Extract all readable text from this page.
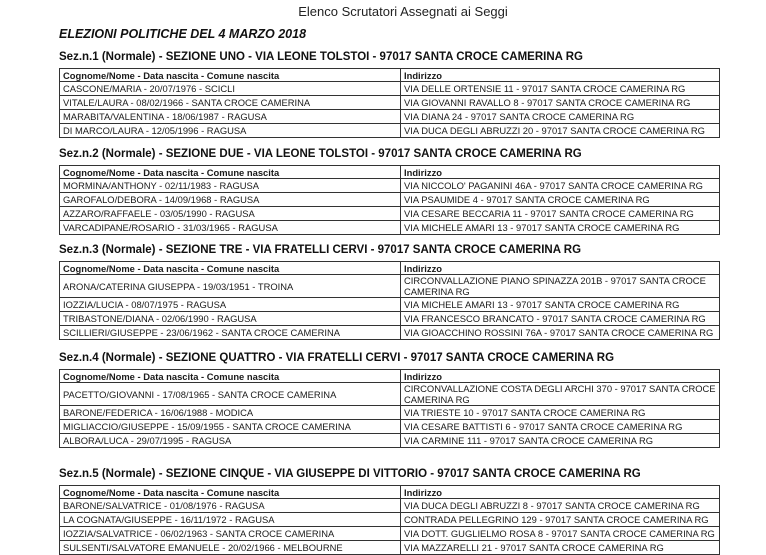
Elenco Scrutatori Assegnati ai Seggi
ELEZIONI POLITICHE DEL 4 MARZO 2018
Sez.n.1 (Normale) - SEZIONE UNO - VIA LEONE TOLSTOI - 97017 SANTA CROCE CAMERINA RG
Cognome/Nome - Data nascita - Comune nascita	Indirizzo
CASCONE/MARIA - 20/07/1976 - SCICLI	VIA DELLE ORTENSIE 11 - 97017 SANTA CROCE CAMERINA RG
VITALE/LAURA - 08/02/1966 - SANTA CROCE CAMERINA	VIA GIOVANNI RAVALLO 8 - 97017 SANTA CROCE CAMERINA RG
MARABITA/VALENTINA - 18/06/1987 - RAGUSA	VIA DIANA 24 - 97017 SANTA CROCE CAMERINA RG
DI MARCO/LAURA - 12/05/1996 - RAGUSA	VIA DUCA DEGLI ABRUZZI 20 - 97017 SANTA CROCE CAMERINA RG
Sez.n.2 (Normale) - SEZIONE DUE - VIA LEONE TOLSTOI - 97017 SANTA CROCE CAMERINA RG
Cognome/Nome - Data nascita - Comune nascita	Indirizzo
MORMINA/ANTHONY - 02/11/1983 - RAGUSA	VIA NICCOLO' PAGANINI 46A - 97017 SANTA CROCE CAMERINA RG
GAROFALO/DEBORA - 14/09/1968 - RAGUSA	VIA PSAUMIDE 4 - 97017 SANTA CROCE CAMERINA RG
AZZARO/RAFFAELE - 03/05/1990 - RAGUSA	VIA CESARE BECCARIA 11 - 97017 SANTA CROCE CAMERINA RG
VARCADIPANE/ROSARIO - 31/03/1965 - RAGUSA	VIA MICHELE AMARI 13 - 97017 SANTA CROCE CAMERINA RG
Sez.n.3 (Normale) - SEZIONE TRE - VIA FRATELLI CERVI - 97017 SANTA CROCE CAMERINA RG
Cognome/Nome - Data nascita - Comune nascita	Indirizzo
ARONA/CATERINA GIUSEPPA - 19/03/1951 - TROINA	CIRCONVALLAZIONE PIANO SPINAZZA 201B - 97017 SANTA CROCE CAMERINA RG
IOZZIA/LUCIA - 08/07/1975 - RAGUSA	VIA MICHELE AMARI 13 - 97017 SANTA CROCE CAMERINA RG
TRIBASTONE/DIANA - 02/06/1990 - RAGUSA	VIA FRANCESCO BRANCATO - 97017 SANTA CROCE CAMERINA RG
SCILLIERI/GIUSEPPE - 23/06/1962 - SANTA CROCE CAMERINA	VIA GIOACCHINO ROSSINI 76A - 97017 SANTA CROCE CAMERINA RG
Sez.n.4 (Normale) - SEZIONE QUATTRO - VIA FRATELLI CERVI - 97017 SANTA CROCE CAMERINA RG
Cognome/Nome - Data nascita - Comune nascita	Indirizzo
PACETTO/GIOVANNI - 17/08/1965 - SANTA CROCE CAMERINA	CIRCONVALLAZIONE COSTA DEGLI ARCHI 370 - 97017 SANTA CROCE CAMERINA RG
BARONE/FEDERICA - 16/06/1988 - MODICA	VIA TRIESTE 10 - 97017 SANTA CROCE CAMERINA RG
MIGLIACCIO/GIUSEPPE - 15/09/1955 - SANTA CROCE CAMERINA	VIA CESARE BATTISTI 6 - 97017 SANTA CROCE CAMERINA RG
ALBORA/LUCA - 29/07/1995 - RAGUSA	VIA CARMINE 111 - 97017 SANTA CROCE CAMERINA RG
Sez.n.5 (Normale) - SEZIONE CINQUE - VIA GIUSEPPE DI VITTORIO - 97017 SANTA CROCE CAMERINA RG
Cognome/Nome - Data nascita - Comune nascita	Indirizzo
BARONE/SALVATRICE - 01/08/1976 - RAGUSA	VIA DUCA DEGLI ABRUZZI 8 - 97017 SANTA CROCE CAMERINA RG
LA COGNATA/GIUSEPPE - 16/11/1972 - RAGUSA	CONTRADA PELLEGRINO 129 - 97017 SANTA CROCE CAMERINA RG
IOZZIA/SALVATRICE - 06/02/1963 - SANTA CROCE CAMERINA	VIA DOTT. GUGLIELMO ROSA 8 - 97017 SANTA CROCE CAMERINA RG
SULSENTI/SALVATORE EMANUELE - 20/02/1966 - MELBOURNE	VIA MAZZARELLI 21 - 97017 SANTA CROCE CAMERINA RG
